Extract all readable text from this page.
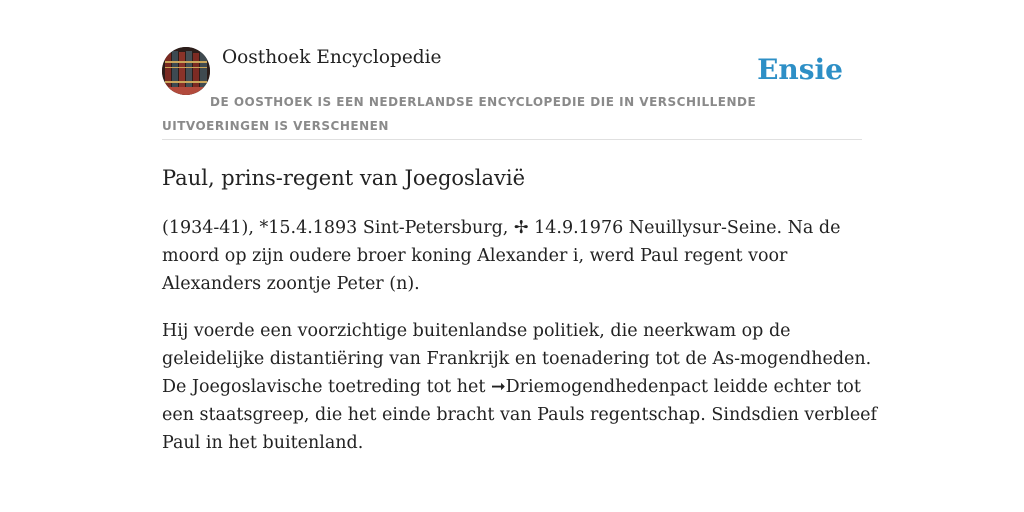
Oosthoek Encyclopedie	Ensie

DE OOSTHOEK IS EEN NEDERLANDSE ENCYCLOPEDIE DIE IN VERSCHILLENDE UITVOERINGEN IS VERSCHENEN

Paul, prins-regent van Joegoslavië

(1934-41), *15.4.1893 Sint-Petersburg, ✢ 14.9.1976 Neuillysur-Seine. Na de moord op zijn oudere broer koning Alexander i, werd Paul regent voor Alexanders zoontje Peter (n).

Hij voerde een voorzichtige buitenlandse politiek, die neerkwam op de geleidelijke distantiëring van Frankrijk en toenadering tot de As-mogendheden. De Joegoslavische toetreding tot het ➞Driemogendhedenpact leidde echter tot een staatsgreep, die het einde bracht van Pauls regentschap. Sindsdien verbleef Paul in het buitenland.
